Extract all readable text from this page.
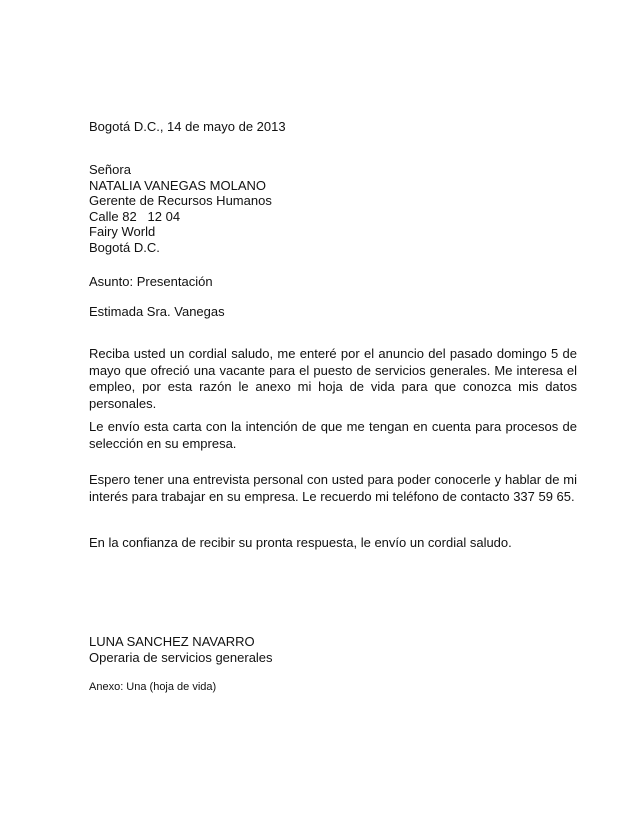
Bogotá D.C., 14 de mayo de 2013
Señora
NATALIA VANEGAS MOLANO
Gerente de Recursos Humanos
Calle 82   12 04
Fairy World
Bogotá D.C.
Asunto: Presentación
Estimada Sra. Vanegas

Reciba usted un cordial saludo, me enteré por el anuncio del pasado domingo 5 de mayo que ofreció una vacante para el puesto de servicios generales. Me interesa el empleo, por esta razón le anexo mi hoja de vida para que conozca mis datos personales.

Le envío esta carta con la intención de que me tengan en cuenta para procesos de selección en su empresa.

Espero tener una entrevista personal con usted para poder conocerle y hablar de mi interés para trabajar en su empresa. Le recuerdo mi teléfono de contacto 337 59 65.

En la confianza de recibir su pronta respuesta, le envío un cordial saludo.

LUNA SANCHEZ NAVARRO
Operaria de servicios generales
Anexo: Una (hoja de vida)
